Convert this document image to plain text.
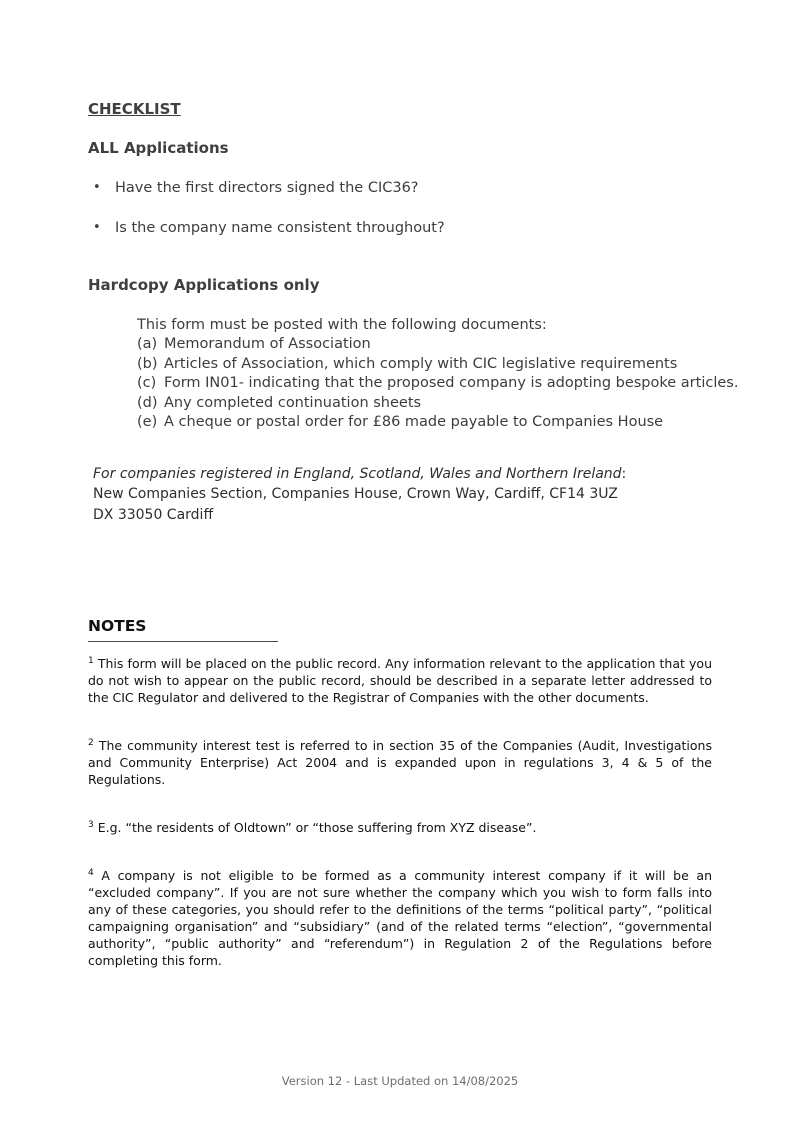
CHECKLIST
ALL Applications
•
Have the first directors signed the CIC36?
•
Is the company name consistent throughout?
Hardcopy Applications only

This form must be posted with the following documents:

(a) Memorandum of Association
(b) Articles of Association, which comply with CIC legislative requirements
(c) Form IN01- indicating that the proposed company is adopting bespoke articles.
(d) Any completed continuation sheets
(e) A cheque or postal order for £86 made payable to Companies House
For companies registered in England, Scotland, Wales and Northern Ireland:
New Companies Section, Companies House, Crown Way, Cardiff, CF14 3UZ
DX 33050 Cardiff
NOTES

$^1$ This form will be placed on the public record. Any information relevant to the application that you do not wish to appear on the public record, should be described in a separate letter addressed to the CIC Regulator and delivered to the Registrar of Companies with the other documents.

$^2$ The community interest test is referred to in section 35 of the Companies (Audit, Investigations and Community Enterprise) Act 2004 and is expanded upon in regulations 3, 4 & 5 of the Regulations.

$^3$ E.g. “the residents of Oldtown” or “those suffering from XYZ disease”.

$^4$ A company is not eligible to be formed as a community interest company if it will be an “excluded company”. If you are not sure whether the company which you wish to form falls into any of these categories, you should refer to the definitions of the terms “political party”, “political campaigning organisation” and “subsidiary” (and of the related terms “election”, “governmental authority”, “public authority” and “referendum”) in Regulation 2 of the Regulations before completing this form.

Version 12 - Last Updated on 14/08/2025
